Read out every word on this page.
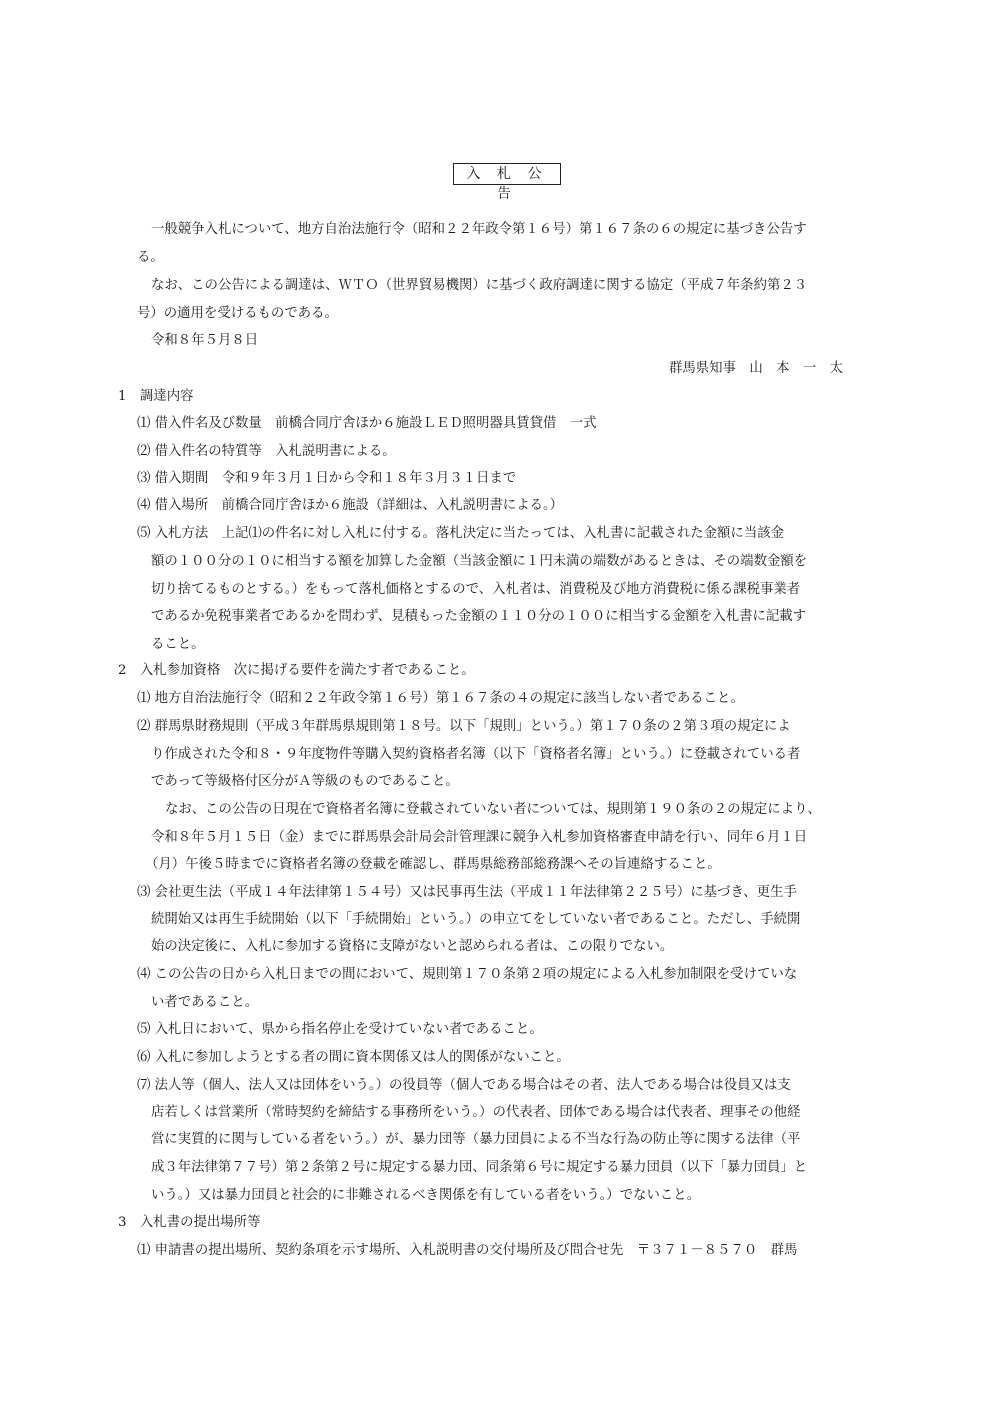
入 札 公 告
一般競争入札について、地方自治法施行令（昭和２２年政令第１６号）第１６７条の６の規定に基づき公告す
る。
なお、この公告による調達は、ＷＴＯ（世界貿易機関）に基づく政府調達に関する協定（平成７年条約第２３
号）の適用を受けるものである。
令和８年５月８日
群馬県知事　山　本　一　太
1　調達内容
⑴ 借入件名及び数量　前橋合同庁舎ほか６施設ＬＥＤ照明器具賃貸借　一式
⑵ 借入件名の特質等　入札説明書による。
⑶ 借入期間　令和９年３月１日から令和１８年３月３１日まで
⑷ 借入場所　前橋合同庁舎ほか６施設（詳細は、入札説明書による。）
⑸ 入札方法　上記⑴の件名に対し入札に付する。落札決定に当たっては、入札書に記載された金額に当該金
額の１００分の１０に相当する額を加算した金額（当該金額に１円未満の端数があるときは、その端数金額を
切り捨てるものとする。）をもって落札価格とするので、入札者は、消費税及び地方消費税に係る課税事業者
であるか免税事業者であるかを問わず、見積もった金額の１１０分の１００に相当する金額を入札書に記載す
ること。
2　入札参加資格　次に掲げる要件を満たす者であること。
⑴ 地方自治法施行令（昭和２２年政令第１６号）第１６７条の４の規定に該当しない者であること。
⑵ 群馬県財務規則（平成３年群馬県規則第１８号。以下「規則」という。）第１７０条の２第３項の規定によ
り作成された令和８・９年度物件等購入契約資格者名簿（以下「資格者名簿」という。）に登載されている者
であって等級格付区分がＡ等級のものであること。
なお、この公告の日現在で資格者名簿に登載されていない者については、規則第１９０条の２の規定により、
令和８年５月１５日（金）までに群馬県会計局会計管理課に競争入札参加資格審査申請を行い、同年６月１日
（月）午後５時までに資格者名簿の登載を確認し、群馬県総務部総務課へその旨連絡すること。
⑶ 会社更生法（平成１４年法律第１５４号）又は民事再生法（平成１１年法律第２２５号）に基づき、更生手
続開始又は再生手続開始（以下「手続開始」という。）の申立てをしていない者であること。ただし、手続開
始の決定後に、入札に参加する資格に支障がないと認められる者は、この限りでない。
⑷ この公告の日から入札日までの間において、規則第１７０条第２項の規定による入札参加制限を受けていな
い者であること。
⑸ 入札日において、県から指名停止を受けていない者であること。
⑹ 入札に参加しようとする者の間に資本関係又は人的関係がないこと。
⑺ 法人等（個人、法人又は団体をいう。）の役員等（個人である場合はその者、法人である場合は役員又は支
店若しくは営業所（常時契約を締結する事務所をいう。）の代表者、団体である場合は代表者、理事その他経
営に実質的に関与している者をいう。）が、暴力団等（暴力団員による不当な行為の防止等に関する法律（平
成３年法律第７７号）第２条第２号に規定する暴力団、同条第６号に規定する暴力団員（以下「暴力団員」と
いう。）又は暴力団員と社会的に非難されるべき関係を有している者をいう。）でないこと。
3　入札書の提出場所等
⑴ 申請書の提出場所、契約条項を示す場所、入札説明書の交付場所及び問合せ先　〒３７１－８５７０　群馬
